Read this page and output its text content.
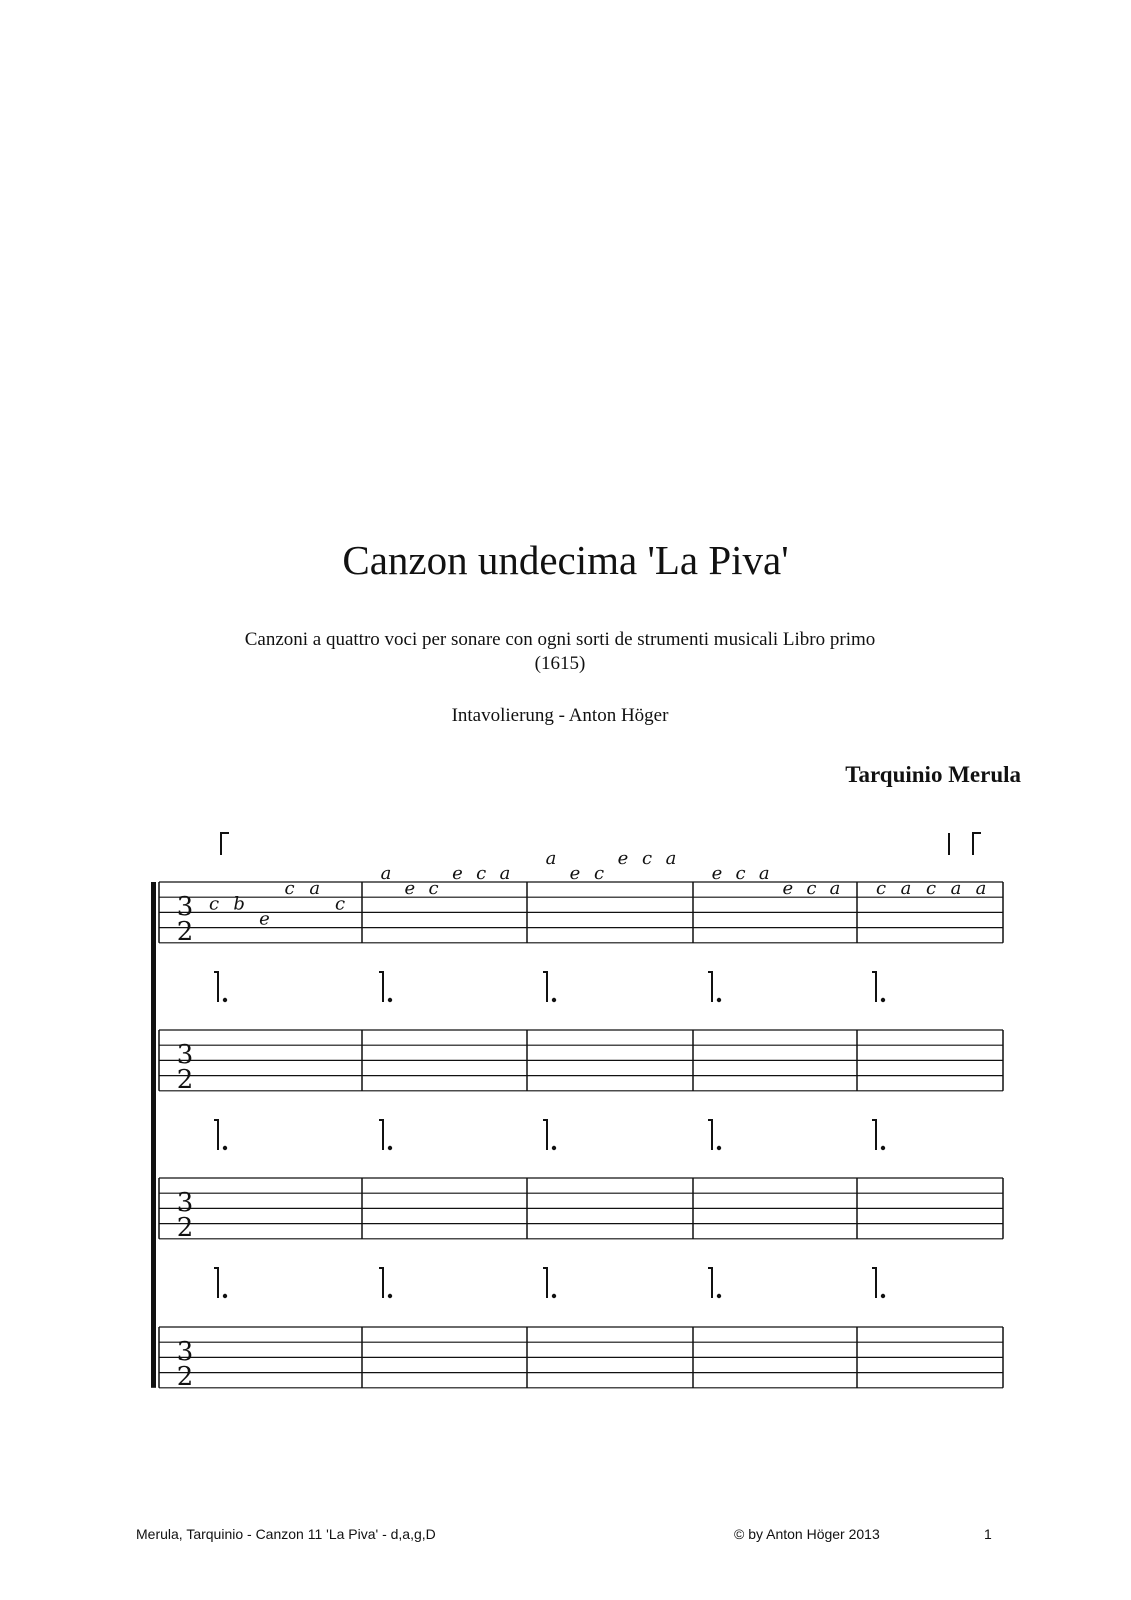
Canzon undecima 'La Piva'
Canzoni a quattro voci per sonare con ogni sorti de strumenti musicali Libro primo
(1615)
Intavolierung - Anton Höger
Tarquinio Merula
3
2
c b
e
c a
c
a
e c
e c a
a
e c
e c a
e c a
e c a c a c a a
3
2
3
2
3
2
Merula, Tarquinio - Canzon 11 'La Piva' - d,a,g,D	© by Anton Höger 2013	1
